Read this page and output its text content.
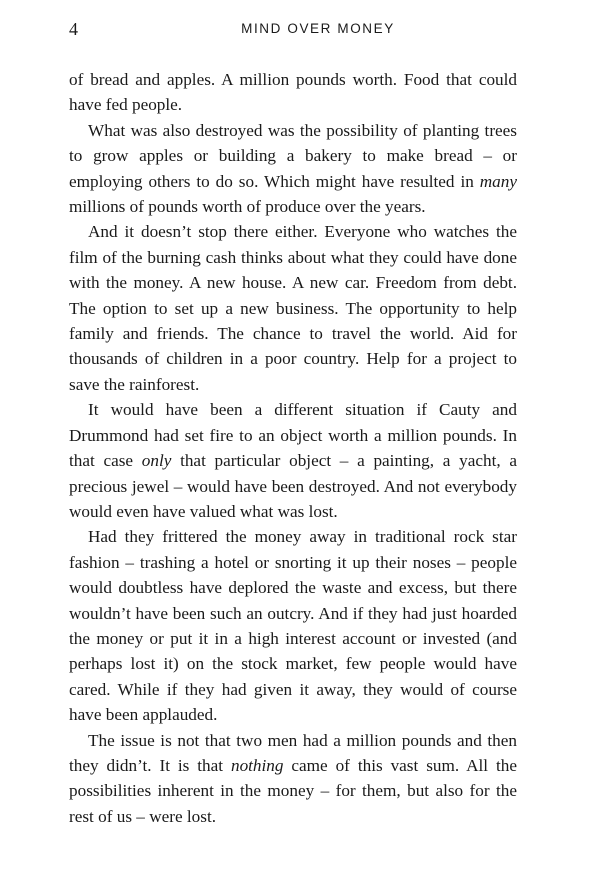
4	MIND OVER MONEY

of bread and apples. A million pounds worth. Food that could have fed people.

What was also destroyed was the possibility of planting trees to grow apples or building a bakery to make bread – or employing others to do so. Which might have resulted in many millions of pounds worth of produce over the years.

And it doesn’t stop there either. Everyone who watches the film of the burning cash thinks about what they could have done with the money. A new house. A new car. Freedom from debt. The option to set up a new business. The opportunity to help family and friends. The chance to travel the world. Aid for thousands of children in a poor country. Help for a project to save the rainforest.

It would have been a different situation if Cauty and Drummond had set fire to an object worth a million pounds. In that case only that particular object – a painting, a yacht, a precious jewel – would have been destroyed. And not everybody would even have valued what was lost.

Had they frittered the money away in traditional rock star fashion – trashing a hotel or snorting it up their noses – people would doubtless have deplored the waste and excess, but there wouldn’t have been such an outcry. And if they had just hoarded the money or put it in a high interest account or invested (and perhaps lost it) on the stock market, few people would have cared. While if they had given it away, they would of course have been applauded.

The issue is not that two men had a million pounds and then they didn’t. It is that nothing came of this vast sum. All the possibilities inherent in the money – for them, but also for the rest of us – were lost.
